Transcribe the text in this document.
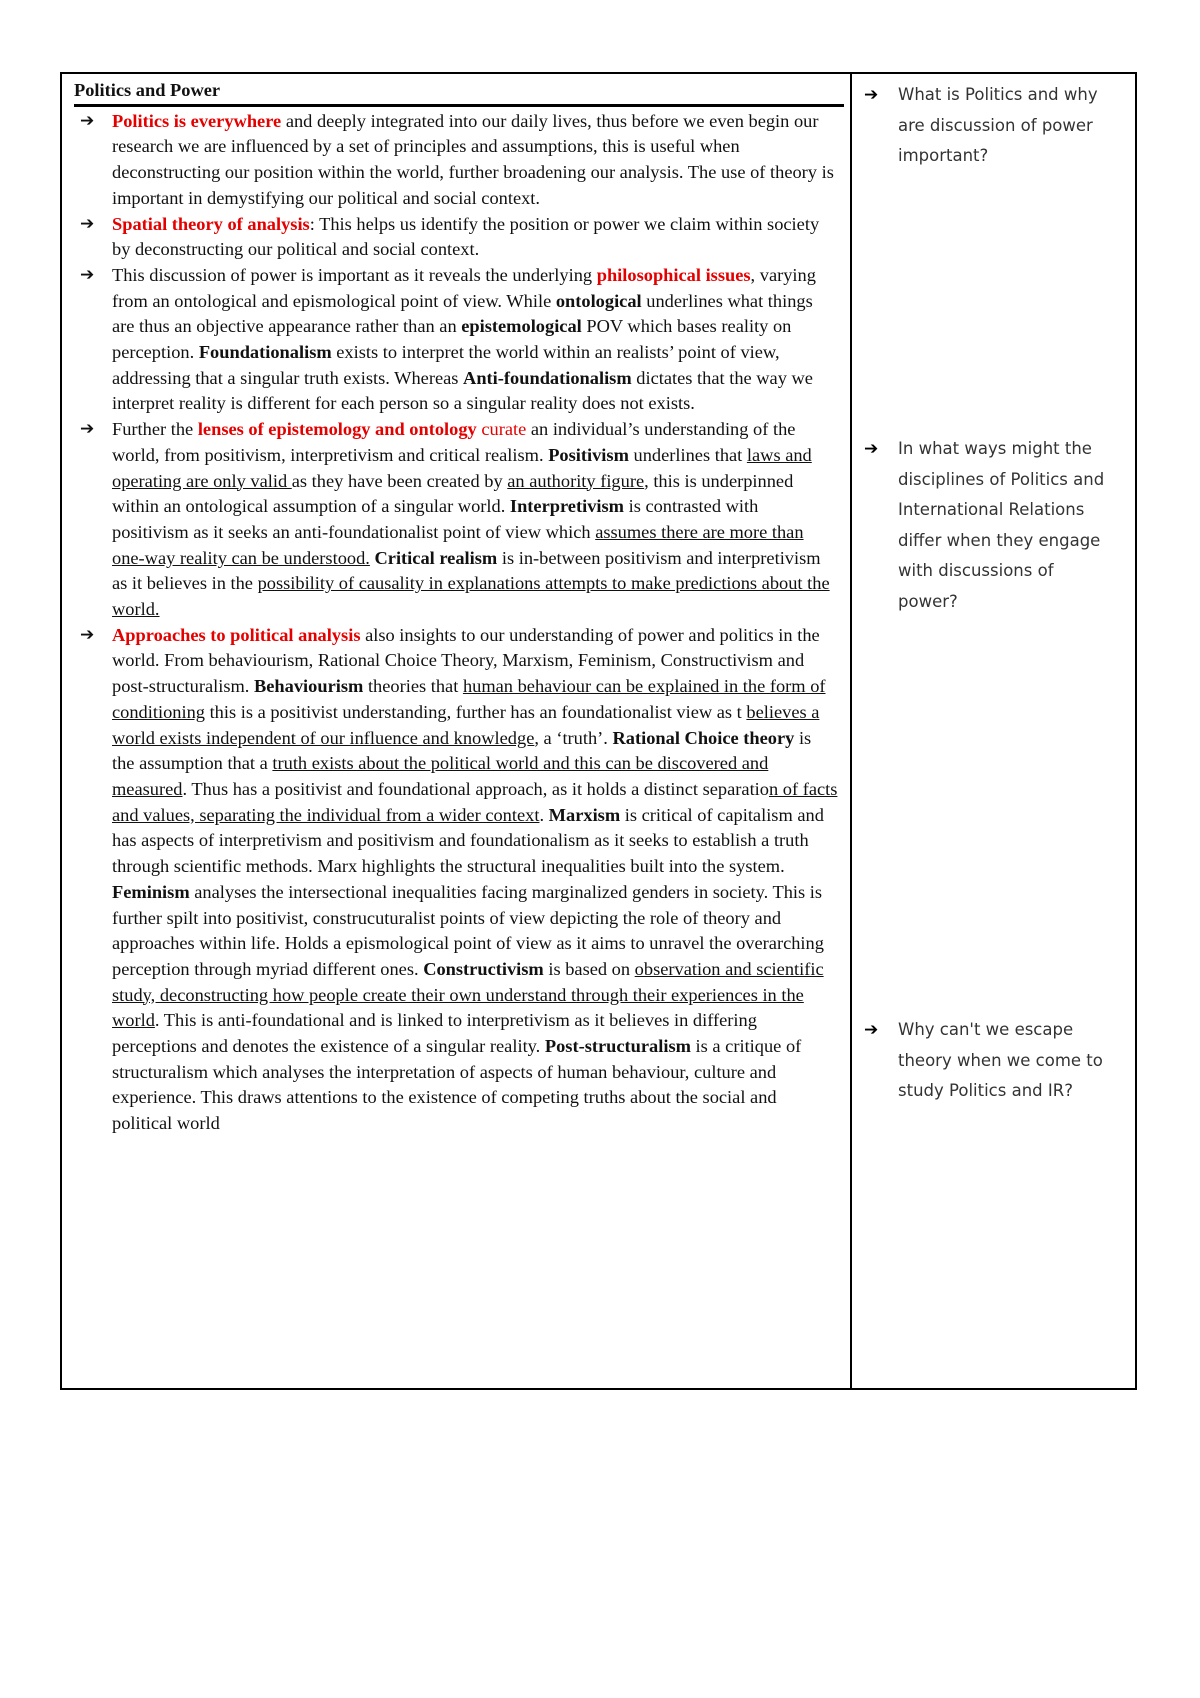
Politics and Power
➔ Politics is everywhere and deeply integrated into our daily lives, thus before we even begin our research we are influenced by a set of principles and assumptions, this is useful when deconstructing our position within the world, further broadening our analysis. The use of theory is important in demystifying our political and social context.
➔ Spatial theory of analysis: This helps us identify the position or power we claim within society by deconstructing our political and social context.
➔ This discussion of power is important as it reveals the underlying philosophical issues, varying from an ontological and epismological point of view. While ontological underlines what things are thus an objective appearance rather than an epistemological POV which bases reality on perception. Foundationalism exists to interpret the world within an realists’ point of view, addressing that a singular truth exists. Whereas Anti-foundationalism dictates that the way we interpret reality is different for each person so a singular reality does not exists.
➔ Further the lenses of epistemology and ontology curate an individual’s understanding of the world, from positivism, interpretivism and critical realism. Positivism underlines that laws and operating are only valid as they have been created by an authority figure, this is underpinned within an ontological assumption of a singular world. Interpretivism is contrasted with positivism as it seeks an anti-foundationalist point of view which assumes there are more than one-way reality can be understood. Critical realism is in-between positivism and interpretivism as it believes in the possibility of causality in explanations attempts to make predictions about the world.
➔ Approaches to political analysis also insights to our understanding of power and politics in the world. From behaviourism, Rational Choice Theory, Marxism, Feminism, Constructivism and post-structuralism. Behaviourism theories that human behaviour can be explained in the form of conditioning this is a positivist understanding, further has an foundationalist view as t believes a world exists independent of our influence and knowledge, a ‘truth’. Rational Choice theory is the assumption that a truth exists about the political world and this can be discovered and measured. Thus has a positivist and foundational approach, as it holds a distinct separation of facts and values, separating the individual from a wider context. Marxism is critical of capitalism and has aspects of interpretivism and positivism and foundationalism as it seeks to establish a truth through scientific methods. Marx highlights the structural inequalities built into the system. Feminism analyses the intersectional inequalities facing marginalized genders in society. This is further spilt into positivist, construcuturalist points of view depicting the role of theory and approaches within life. Holds a epismological point of view as it aims to unravel the overarching perception through myriad different ones. Constructivism is based on observation and scientific study, deconstructing how people create their own understand through their experiences in the world. This is anti-foundational and is linked to interpretivism as it believes in differing perceptions and denotes the existence of a singular reality. Post-structuralism is a critique of structuralism which analyses the interpretation of aspects of human behaviour, culture and experience. This draws attentions to the existence of competing truths about the social and political world
➔	What is Politics and why are discussion of power important?
➔	In what ways might the disciplines of Politics and International Relations differ when they engage with discussions of power?
➔	Why can't we escape theory when we come to study Politics and IR?
